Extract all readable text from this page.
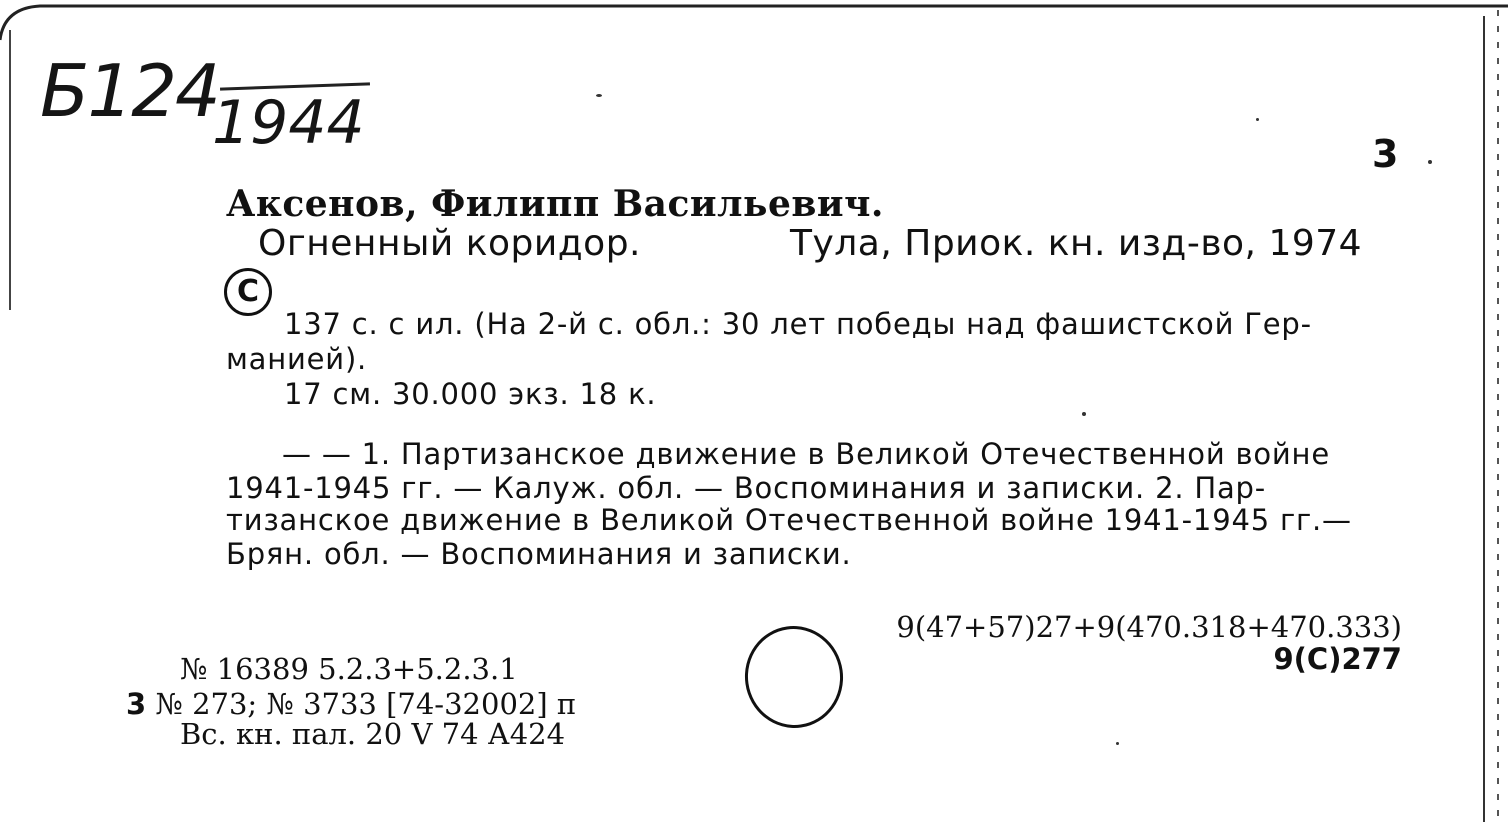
Б124
1944	3
Аксенов, Филипп Васильевич.
Огненный коридор.	Тула, Приок. кн. изд-во, 1974
C
137 с. с ил. (На 2-й с. обл.: 30 лет победы над фашистской Гер-
манией).
17 см. 30.000 экз. 18 к.
— — 1. Партизанское движение в Великой Отечественной войне
1941-1945 гг. — Калуж. обл. — Воспоминания и записки. 2. Пар-
тизанское движение в Великой Отечественной войне 1941-1945 гг.—
Брян. обл. — Воспоминания и записки.
№ 16389 5.2.3+5.2.3.1
3 № 273; № 3733 [74-32002] п
Вс. кн. пал. 20 V 74 А424
9(47+57)27+9(470.318+470.333)
9(С)277
